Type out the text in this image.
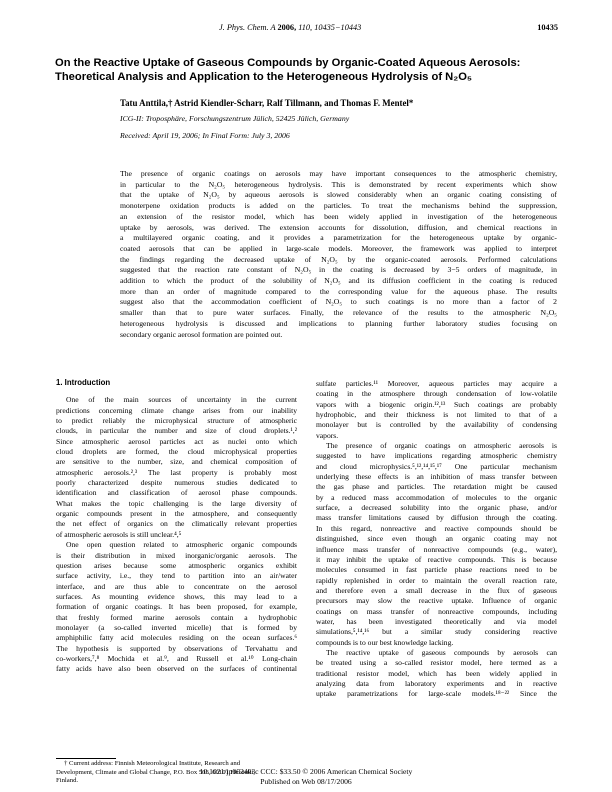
J. Phys. Chem. A 2006, 110, 10435−10443	10435
On the Reactive Uptake of Gaseous Compounds by Organic-Coated Aqueous Aerosols:
Theoretical Analysis and Application to the Heterogeneous Hydrolysis of N₂O₅
Tatu Anttila,† Astrid Kiendler-Scharr, Ralf Tillmann, and Thomas F. Mentel*
ICG-II: Troposphäre, Forschungszentrum Jülich, 52425 Jülich, Germany
Received: April 19, 2006; In Final Form: July 3, 2006
The presence of organic coatings on aerosols may have important consequences to the atmospheric chemistry,
in particular to the N₂O₅ heterogeneous hydrolysis. This is demonstrated by recent experiments which show
that the uptake of N₂O₅ by aqueous aerosols is slowed considerably when an organic coating consisting of
monoterpene oxidation products is added on the particles. To treat the mechanisms behind the suppression,
an extension of the resistor model, which has been widely applied in investigation of the heterogeneous
uptake by aerosols, was derived. The extension accounts for dissolution, diffusion, and chemical reactions in
a multilayered organic coating, and it provides a parametrization for the heterogeneous uptake by organic-
coated aerosols that can be applied in large-scale models. Moreover, the framework was applied to interpret
the findings regarding the decreased uptake of N₂O₅ by the organic-coated aerosols. Performed calculations
suggested that the reaction rate constant of N₂O₅ in the coating is decreased by 3−5 orders of magnitude, in
addition to which the product of the solubility of N₂O₅ and its diffusion coefficient in the coating is reduced
more than an order of magnitude compared to the corresponding value for the aqueous phase. The results
suggest also that the accommodation coefficient of N₂O₅ to such coatings is no more than a factor of 2
smaller than that to pure water surfaces. Finally, the relevance of the results to the atmospheric N₂O₅
heterogeneous hydrolysis is discussed and implications to planning further laboratory studies focusing on
secondary organic aerosol formation are pointed out.
1. Introduction
One of the main sources of uncertainty in the current
predictions concerning climate change arises from our inability
to predict reliably the microphysical structure of atmospheric
clouds, in particular the number and size of cloud droplets.¹,²
Since atmospheric aerosol particles act as nuclei onto which
cloud droplets are formed, the cloud microphysical properties
are sensitive to the number, size, and chemical composition of
atmospheric aerosols.²,³ The last property is probably most
poorly characterized despite numerous studies dedicated to
identification and classification of aerosol phase compounds.
What makes the topic challenging is the large diversity of
organic compounds present in the atmosphere, and consequently
the net effect of organics on the climatically relevant properties
of atmospheric aerosols is still unclear.⁴,⁵
One open question related to atmospheric organic compounds
is their distribution in mixed inorganic/organic aerosols. The
question arises because some atmospheric organics exhibit
surface activity, i.e., they tend to partition into an air/water
interface, and are thus able to concentrate on the aerosol
surfaces. As mounting evidence shows, this may lead to a
formation of organic coatings. It has been proposed, for example,
that freshly formed marine aerosols contain a hydrophobic
monolayer (a so-called inverted micelle) that is formed by
amphiphilic fatty acid molecules residing on the ocean surfaces.⁶
The hypothesis is supported by observations of Tervahattu and
co-workers,⁷,⁸ Mochida et al.⁹, and Russell et al.¹⁰ Long-chain
fatty acids have also been observed on the surfaces of continental
sulfate particles.¹¹ Moreover, aqueous particles may acquire a
coating in the atmosphere through condensation of low-volatile
vapors with a biogenic origin.¹²,¹³ Such coatings are probably
hydrophobic, and their thickness is not limited to that of a
monolayer but is controlled by the availability of condensing
vapors.
The presence of organic coatings on atmospheric aerosols is
suggested to have implications regarding atmospheric chemistry
and cloud microphysics.⁵,¹²,¹⁴,¹⁵,¹⁷ One particular mechanism
underlying these effects is an inhibition of mass transfer between
the gas phase and particles. The retardation might be caused
by a reduced mass accommodation of molecules to the organic
surface, a decreased solubility into the organic phase, and/or
mass transfer limitations caused by diffusion through the coating.
In this regard, nonreactive and reactive compounds should be
distinguished, since even though an organic coating may not
influence mass transfer of nonreactive compounds (e.g., water),
it may inhibit the uptake of reactive compounds. This is because
molecules consumed in fast particle phase reactions need to be
rapidly replenished in order to maintain the overall reaction rate,
and therefore even a small decrease in the flux of gaseous
precursors may slow the reactive uptake. Influence of organic
coatings on mass transfer of nonreactive compounds, including
water, has been investigated theoretically and via model
simulations,⁵,¹⁴,¹⁶ but a similar study considering reactive
compounds is to our best knowledge lacking.
The reactive uptake of gaseous compounds by aerosols can
be treated using a so-called resistor model, here termed as a
traditional resistor model, which has been widely applied in
analyzing data from laboratory experiments and in reactive
uptake parametrizations for large-scale models.¹⁸⁻²² Since the
† Current address: Finnish Meteorological Institute, Research and
Development, Climate and Global Change, P.O. Box 503, 00101 Helsinki,
Finland.
10.1021/jp062403c CCC: $33.50 © 2006 American Chemical Society
Published on Web 08/17/2006
